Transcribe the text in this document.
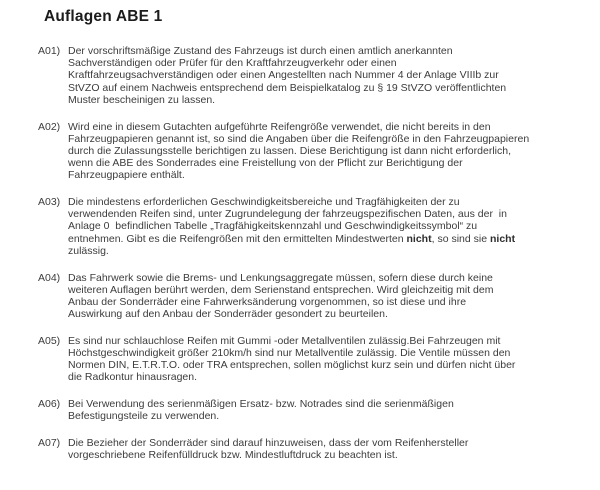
Auflagen ABE 1
A01) Der vorschriftsmäßige Zustand des Fahrzeugs ist durch einen amtlich anerkannten
Sachverständigen oder Prüfer für den Kraftfahrzeugverkehr oder einen
Kraftfahrzeugsachverständigen oder einen Angestellten nach Nummer 4 der Anlage VIIIb zur
StVZO auf einem Nachweis entsprechend dem Beispielkatalog zu § 19 StVZO veröffentlichten
Muster bescheinigen zu lassen.
A02) Wird eine in diesem Gutachten aufgeführte Reifengröße verwendet, die nicht bereits in den
Fahrzeugpapieren genannt ist, so sind die Angaben über die Reifengröße in den Fahrzeugpapieren
durch die Zulassungsstelle berichtigen zu lassen. Diese Berichtigung ist dann nicht erforderlich,
wenn die ABE des Sonderrades eine Freistellung von der Pflicht zur Berichtigung der
Fahrzeugpapiere enthält.
A03) Die mindestens erforderlichen Geschwindigkeitsbereiche und Tragfähigkeiten der zu
verwendenden Reifen sind, unter Zugrundelegung der fahrzeugspezifischen Daten, aus der  in
Anlage 0  befindlichen Tabelle „Tragfähigkeitskennzahl und Geschwindigkeitssymbol“ zu
entnehmen. Gibt es die Reifengrößen mit den ermittelten Mindestwerten nicht, so sind sie nicht
zulässig.
A04) Das Fahrwerk sowie die Brems- und Lenkungsaggregate müssen, sofern diese durch keine
weiteren Auflagen berührt werden, dem Serienstand entsprechen. Wird gleichzeitig mit dem
Anbau der Sonderräder eine Fahrwerksänderung vorgenommen, so ist diese und ihre
Auswirkung auf den Anbau der Sonderräder gesondert zu beurteilen.
A05) Es sind nur schlauchlose Reifen mit Gummi -oder Metallventilen zulässig.Bei Fahrzeugen mit
Höchstgeschwindigkeit größer 210km/h sind nur Metallventile zulässig. Die Ventile müssen den
Normen DIN, E.T.R.T.O. oder TRA entsprechen, sollen möglichst kurz sein und dürfen nicht über
die Radkontur hinausragen.
A06) Bei Verwendung des serienmäßigen Ersatz- bzw. Notrades sind die serienmäßigen
Befestigungsteile zu verwenden.
A07) Die Bezieher der Sonderräder sind darauf hinzuweisen, dass der vom Reifenhersteller
vorgeschriebene Reifenfülldruck bzw. Mindestluftdruck zu beachten ist.
